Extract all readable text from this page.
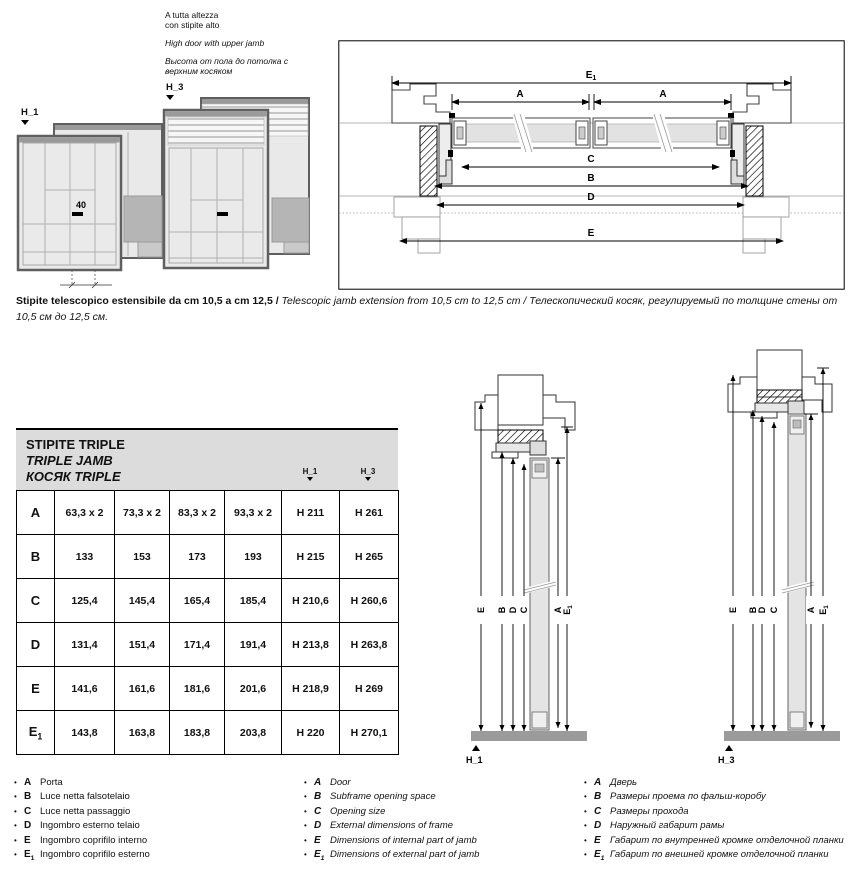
A tutta altezza
con stipite alto
High door with upper jamb
Высота от пола до потолка с
верхним косяком
H_3
H_1
40
$E_1$
A	A
C
B
D
E
Stipite telescopico estensibile da cm 10,5 a cm 12,5 / Telescopic jamb extension from 10,5 cm to 12,5 cm / Телескопический косяк, регулируемый по толщине стены от 10,5 см до 12,5 см.
STIPITE TRIPLE
TRIPLE JAMB
КОСЯК TRIPLE	H_1	H_3
A	63,3 x 2	73,3 x 2	83,3 x 2	93,3 x 2	H 211	H 261
B	133	153	173	193	H 215	H 265
C	125,4	145,4	165,4	185,4	H 210,6	H 260,6
D	131,4	151,4	171,4	191,4	H 213,8	H 263,8
E	141,6	161,6	181,6	201,6	H 218,9	H 269
$E_1$	143,8	163,8	183,8	203,8	H 220	H 270,1
E B D C	A $E_1$
H_1
E B D C	A $E_1$
H_3
• A Porta
• B Luce netta falsotelaio
• C Luce netta passaggio
• D Ingombro esterno telaio
• E Ingombro coprifilo interno
• $E_1$ Ingombro coprifilo esterno
• A Door
• B Subframe opening space
• C Opening size
• D External dimensions of frame
• E Dimensions of internal part of jamb
• $E_1$ Dimensions of external part of jamb
• A Дверь
• B Размеры проема по фальш-коробу
• C Размеры прохода
• D Наружный габарит рамы
• E Габарит по внутренней кромке отделочной планки
• $E_1$ Габарит по внешней кромке отделочной планки
